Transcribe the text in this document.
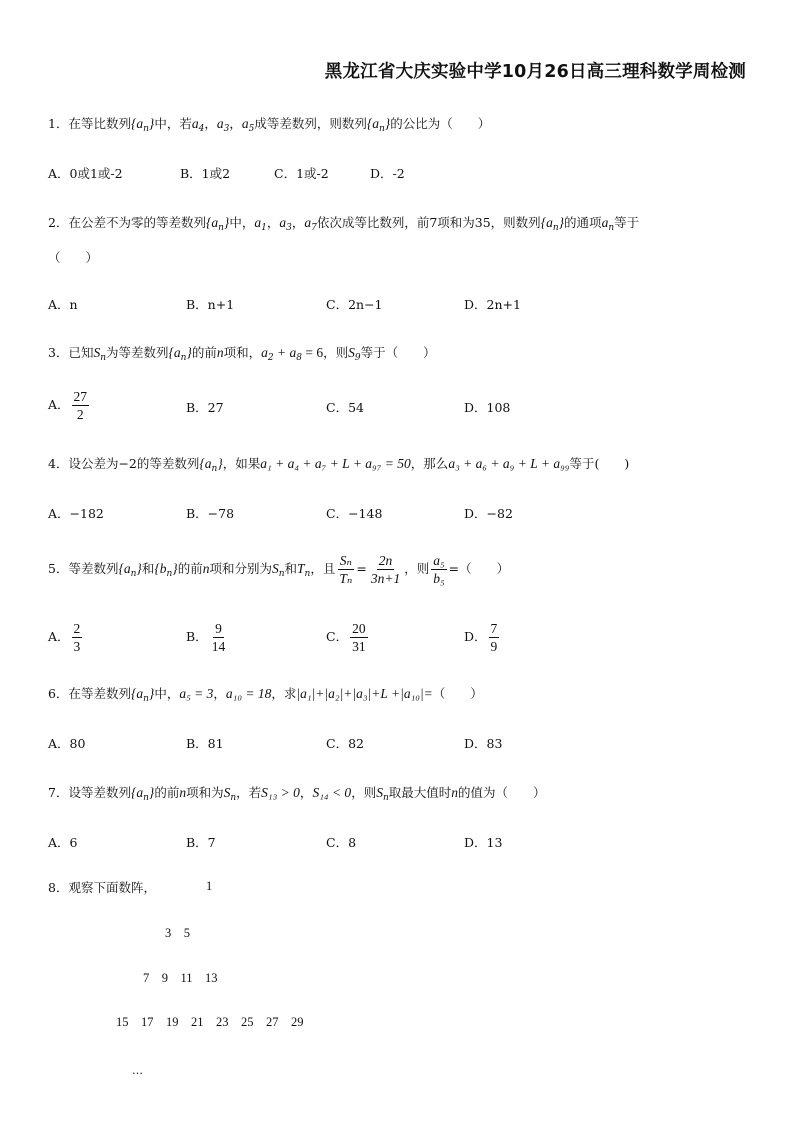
黑龙江省大庆实验中学10月26日高三理科数学周检测
1．在等比数列$\{a_n\}$中，若$a_4$，$a_3$，$a_5$成等差数列，则数列$\{a_n\}$的公比为（　　）
A．0或1或-2	B．1或2	C．1或-2	D．-2
2．在公差不为零的等差数列$\{a_n\}$中，$a_1$，$a_3$，$a_7$依次成等比数列，前7项和为35，则数列$\{a_n\}$的通项$a_n$等于
（　　）
A．n	B．n+1	C．2n−1	D．2n+1
3．已知$S_n$为等差数列$\{a_n\}$的前n项和，$a_2 + a_8 = 6$，则$S_9$等于（　　）
A． $\frac{27}{2}$	B．27	C．54	D．108
4．设公差为−2的等差数列$\{a_n\}$，如果a₁ + a₄ + a₇ + L + a₉₇ = 50，那么a₃ + a₆ + a₉ + L + a₉₉等于(　　)
A．−182	B．−78	C．−148	D．−82
5．等差数列$\{a_n\}$和$\{b_n\}$的前n项和分别为$S_n$和$T_n$，且 $\frac{\text{Sₙ}}{\text{Tₙ}} = \frac{2n}{3n+1}$ ，则 $\frac{\text{a₅}}{\text{b₅}}$ =（　　）
A． $\frac{2}{3}$	B． $\frac{9}{14}$	C． $\frac{20}{31}$	D． $\frac{7}{9}$
6．在等差数列$\{a_n\}$中，a₅ = 3，a₁₀ = 18，求|a₁|+|a₂|+|a₃|+L +|a₁₀|=（　　）
A．80	B．81	C．82	D．83
7．设等差数列$\{a_n\}$的前n项和为$S_n$，若S₁₃ > 0，S₁₄ < 0，则$S_n$取最大值时n的值为（　　）
A．6	B．7	C．8	D．13
8．观察下面数阵，	1
3　5
7　9　11　13
15　17　19　21　23　25　27　29
…
